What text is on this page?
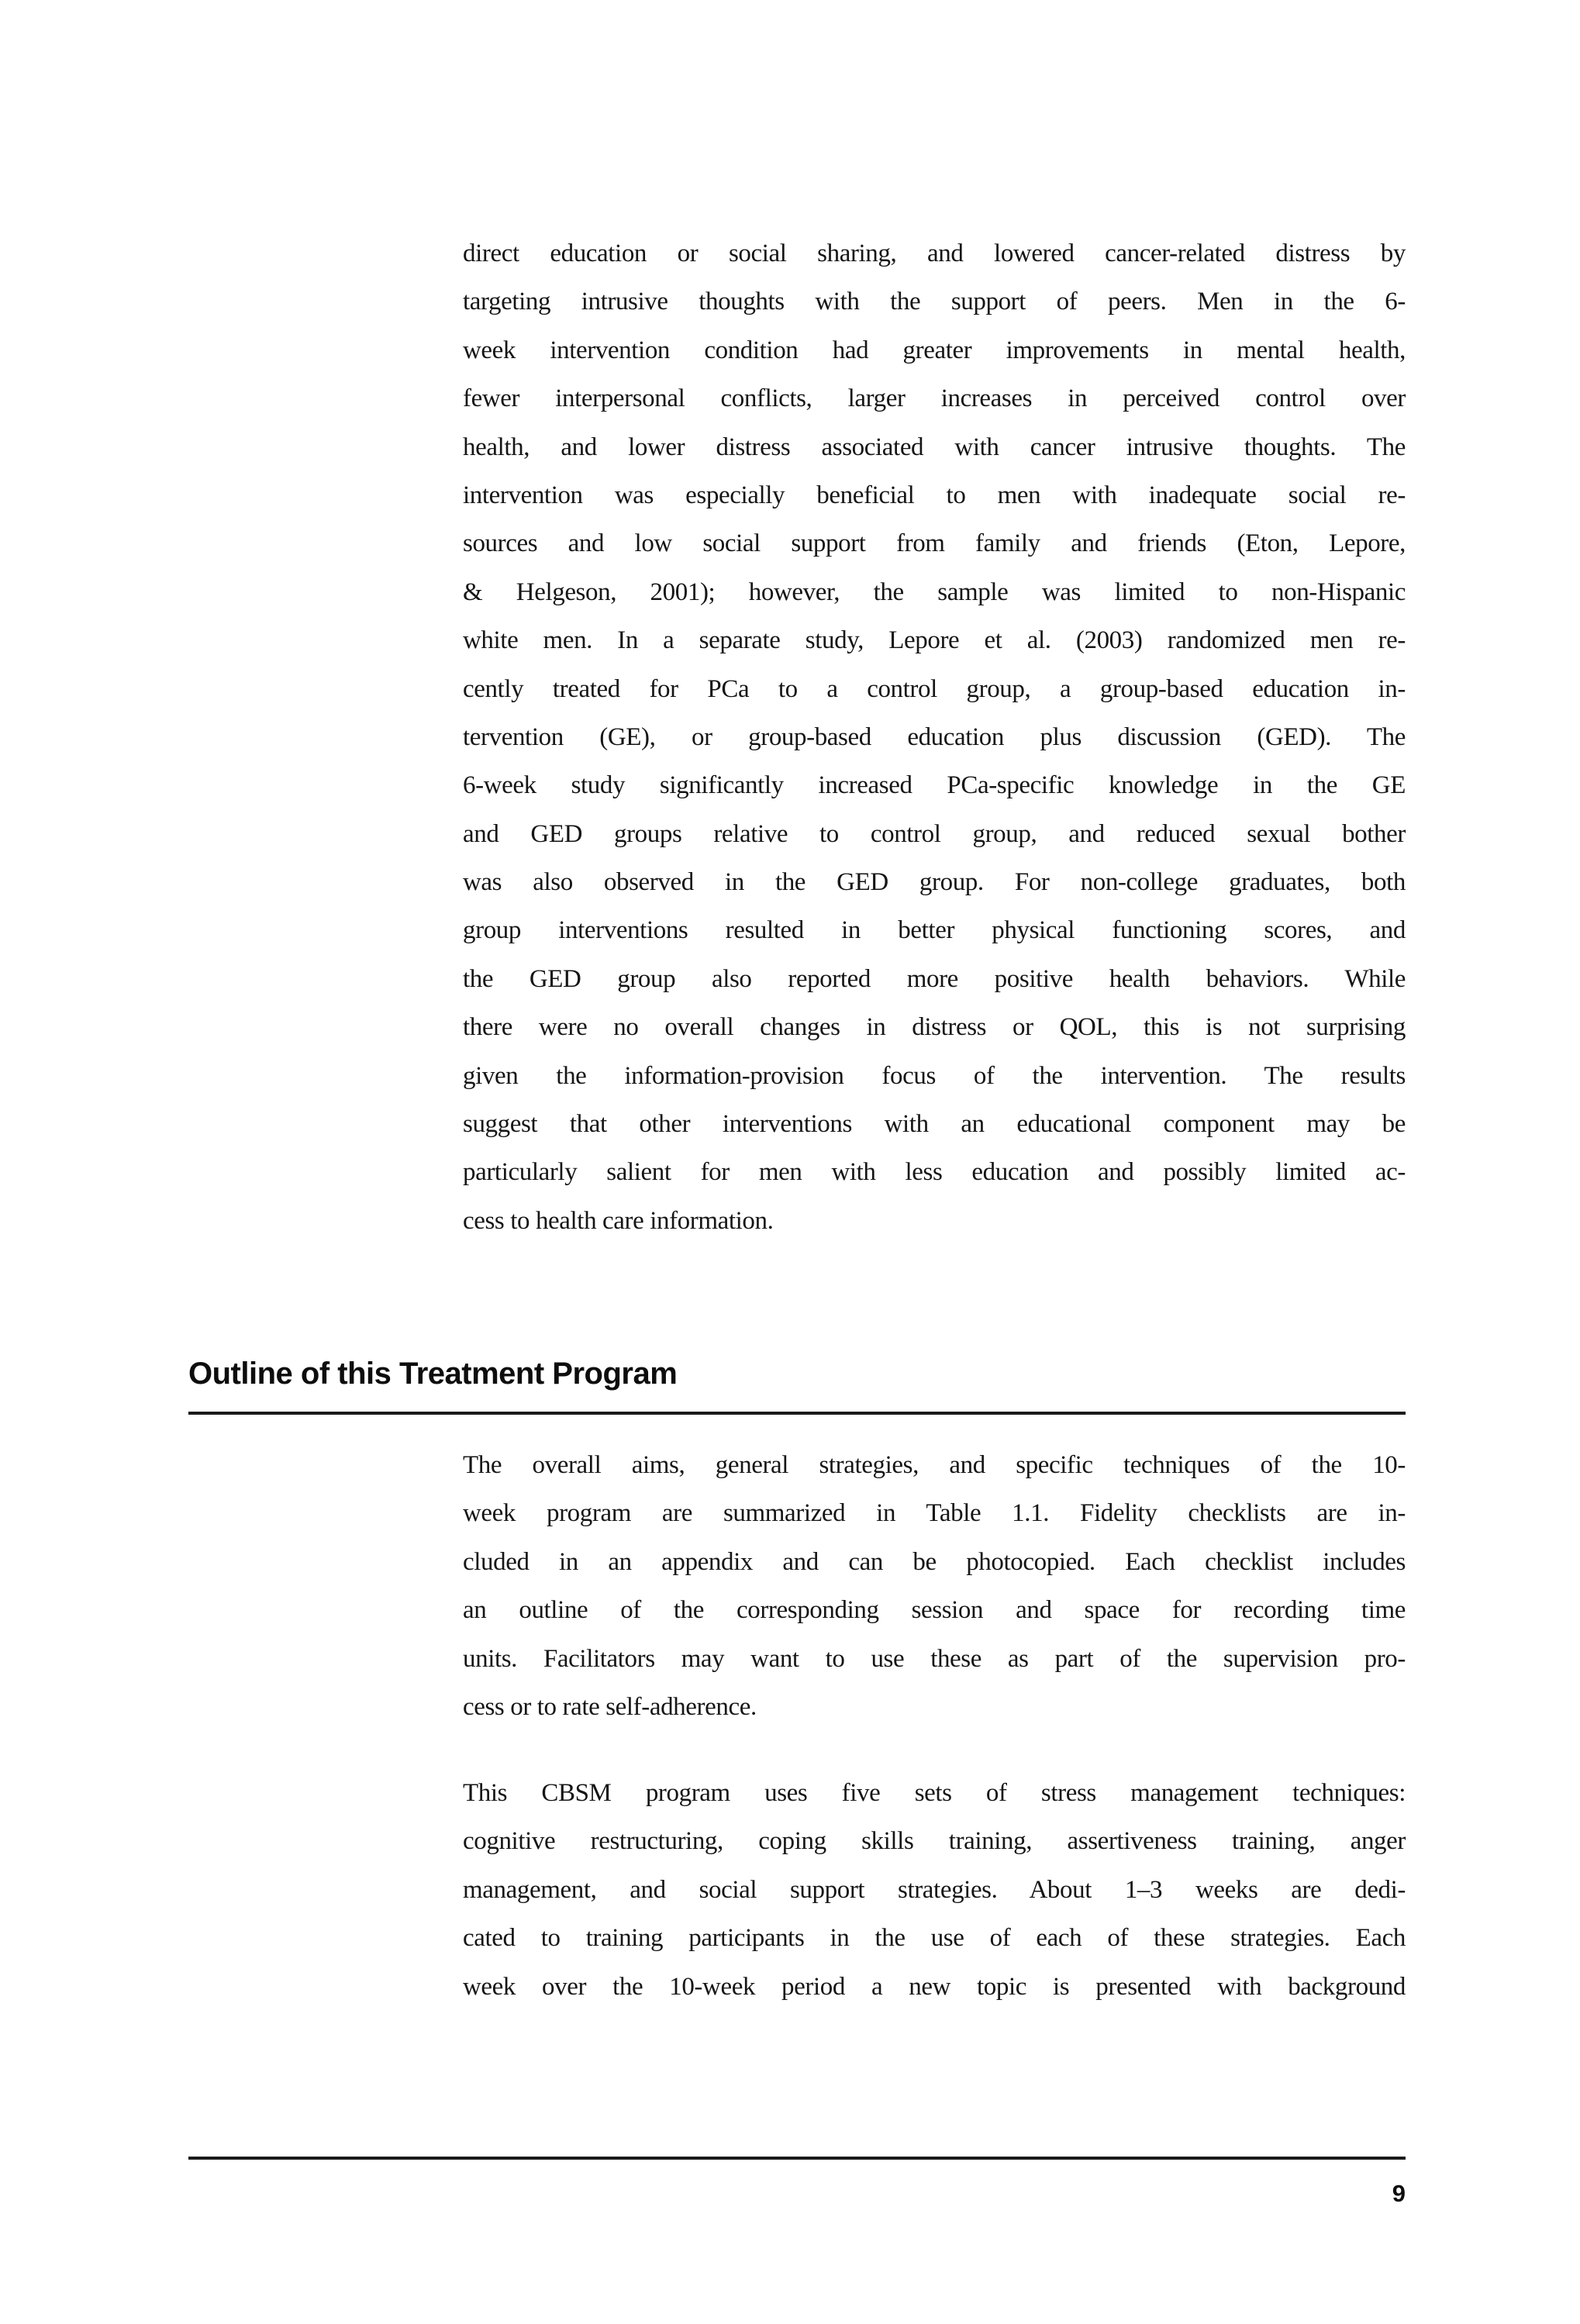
direct education or social sharing, and lowered cancer-related distress by
targeting intrusive thoughts with the support of peers. Men in the 6-
week intervention condition had greater improvements in mental health,
fewer interpersonal conflicts, larger increases in perceived control over
health, and lower distress associated with cancer intrusive thoughts. The
intervention was especially beneficial to men with inadequate social re-
sources and low social support from family and friends (Eton, Lepore,
& Helgeson, 2001); however, the sample was limited to non-Hispanic
white men. In a separate study, Lepore et al. (2003) randomized men re-
cently treated for PCa to a control group, a group-based education in-
tervention (GE), or group-based education plus discussion (GED). The
6-week study significantly increased PCa-specific knowledge in the GE
and GED groups relative to control group, and reduced sexual bother
was also observed in the GED group. For non-college graduates, both
group interventions resulted in better physical functioning scores, and
the GED group also reported more positive health behaviors. While
there were no overall changes in distress or QOL, this is not surprising
given the information-provision focus of the intervention. The results
suggest that other interventions with an educational component may be
particularly salient for men with less education and possibly limited ac-
cess to health care information.
The overall aims, general strategies, and specific techniques of the 10-
week program are summarized in Table 1.1. Fidelity checklists are in-
cluded in an appendix and can be photocopied. Each checklist includes
an outline of the corresponding session and space for recording time
units. Facilitators may want to use these as part of the supervision pro-
cess or to rate self-adherence.
This CBSM program uses five sets of stress management techniques:
cognitive restructuring, coping skills training, assertiveness training, anger
management, and social support strategies. About 1–3 weeks are dedi-
cated to training participants in the use of each of these strategies. Each
week over the 10-week period a new topic is presented with background
Outline of this Treatment Program
9
